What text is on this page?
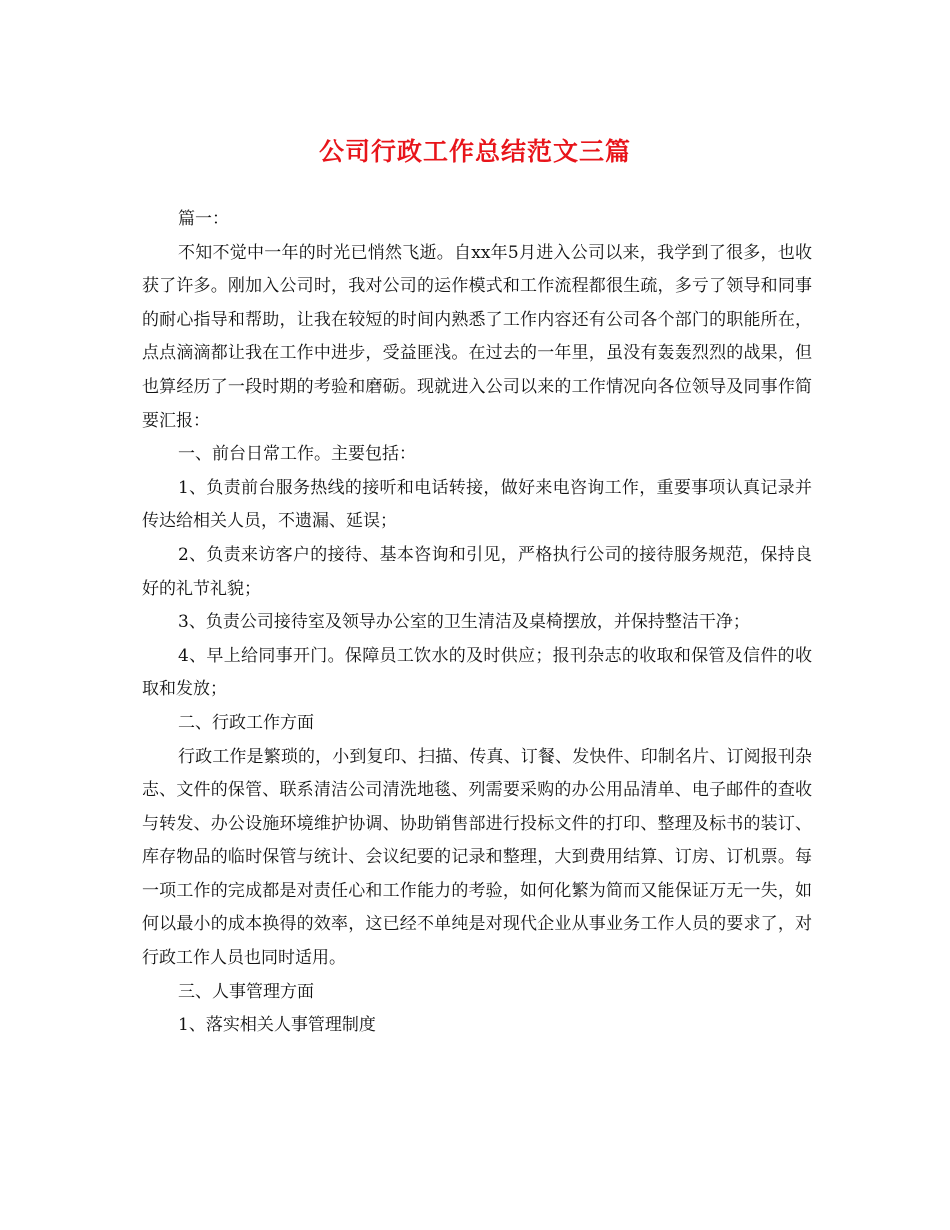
公司行政工作总结范文三篇

篇一：

不知不觉中一年的时光已悄然飞逝。自xx年5月进入公司以来，我学到了很多，也收获了许多。刚加入公司时，我对公司的运作模式和工作流程都很生疏，多亏了领导和同事的耐心指导和帮助，让我在较短的时间内熟悉了工作内容还有公司各个部门的职能所在，点点滴滴都让我在工作中进步，受益匪浅。在过去的一年里，虽没有轰轰烈烈的战果，但也算经历了一段时期的考验和磨砺。现就进入公司以来的工作情况向各位领导及同事作简要汇报：

一、前台日常工作。主要包括：

1、负责前台服务热线的接听和电话转接，做好来电咨询工作，重要事项认真记录并传达给相关人员，不遗漏、延误；

2、负责来访客户的接待、基本咨询和引见，严格执行公司的接待服务规范，保持良好的礼节礼貌；

3、负责公司接待室及领导办公室的卫生清洁及桌椅摆放，并保持整洁干净；

4、早上给同事开门。保障员工饮水的及时供应；报刊杂志的收取和保管及信件的收取和发放；

二、行政工作方面

行政工作是繁琐的，小到复印、扫描、传真、订餐、发快件、印制名片、订阅报刊杂志、文件的保管、联系清洁公司清洗地毯、列需要采购的办公用品清单、电子邮件的查收与转发、办公设施环境维护协调、协助销售部进行投标文件的打印、整理及标书的装订、库存物品的临时保管与统计、会议纪要的记录和整理，大到费用结算、订房、订机票。每一项工作的完成都是对责任心和工作能力的考验，如何化繁为简而又能保证万无一失，如何以最小的成本换得的效率，这已经不单纯是对现代企业从事业务工作人员的要求了，对行政工作人员也同时适用。

三、人事管理方面

1、落实相关人事管理制度
